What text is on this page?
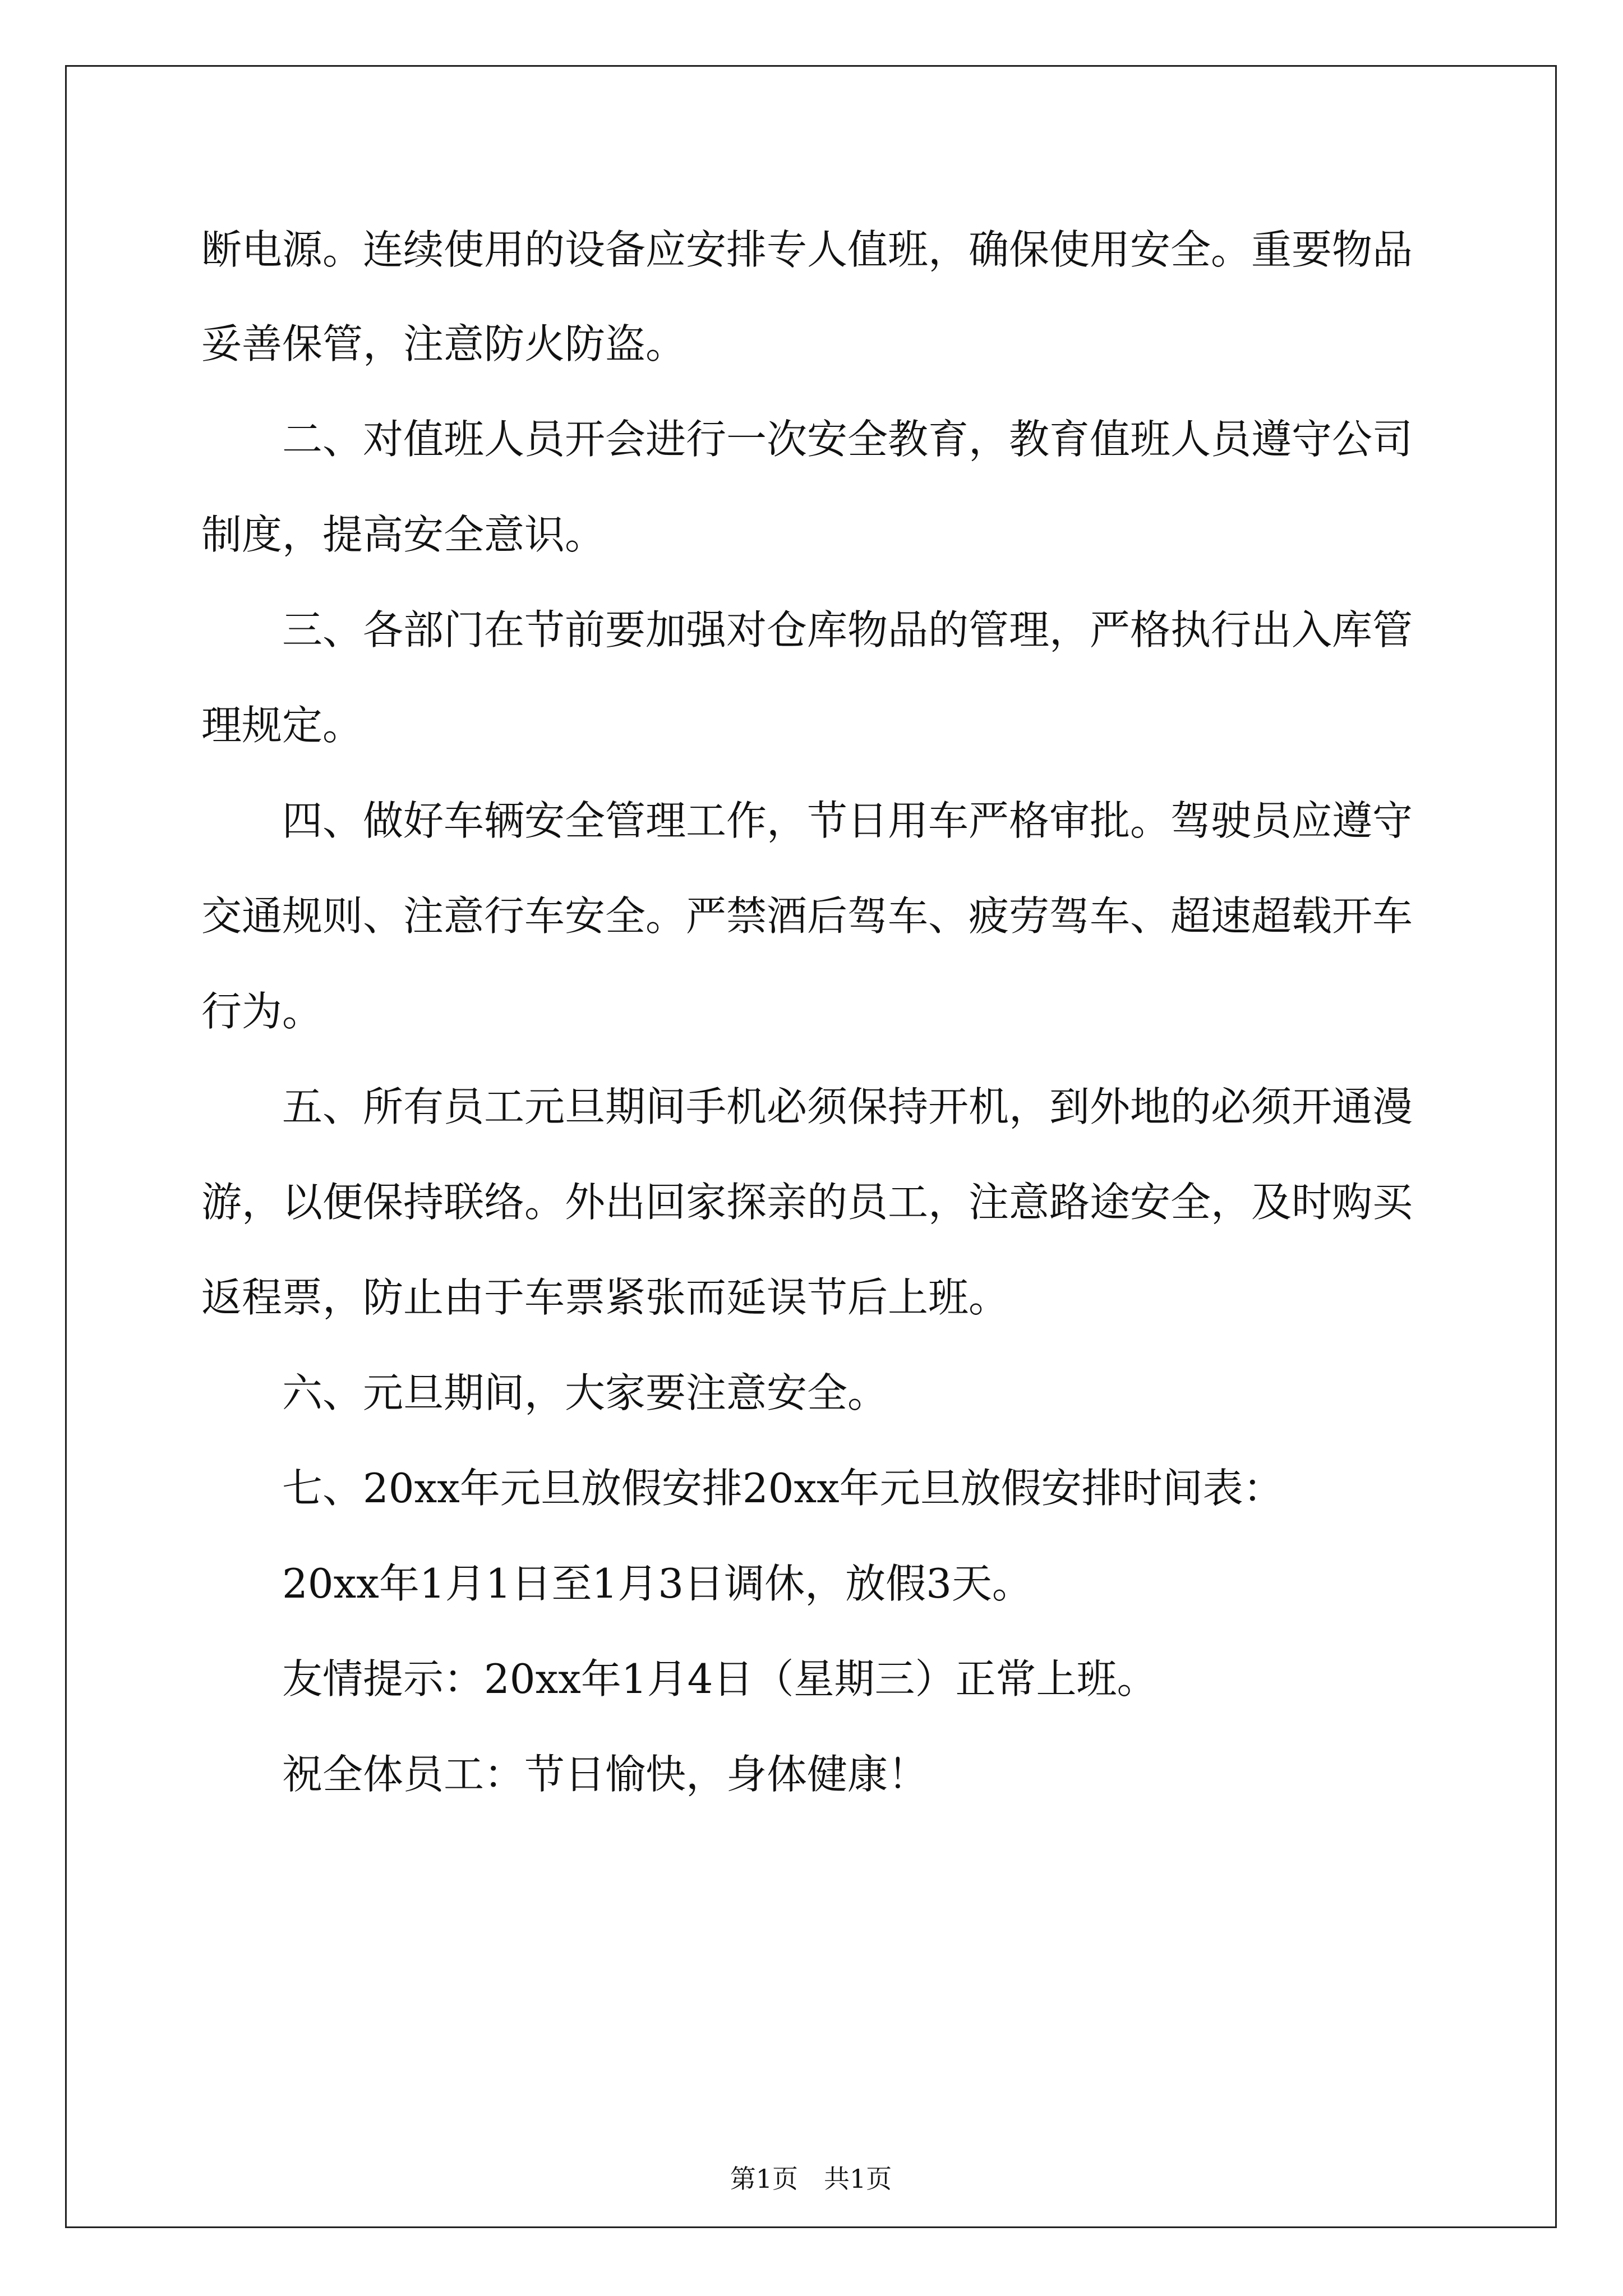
断电源。连续使用的设备应安排专人值班，确保使用安全。重要物品
妥善保管，注意防火防盗。
二、对值班人员开会进行一次安全教育，教育值班人员遵守公司
制度，提高安全意识。
三、各部门在节前要加强对仓库物品的管理，严格执行出入库管
理规定。
四、做好车辆安全管理工作，节日用车严格审批。驾驶员应遵守
交通规则、注意行车安全。严禁酒后驾车、疲劳驾车、超速超载开车
行为。
五、所有员工元旦期间手机必须保持开机，到外地的必须开通漫
游，以便保持联络。外出回家探亲的员工，注意路途安全，及时购买
返程票，防止由于车票紧张而延误节后上班。
六、元旦期间，大家要注意安全。
七、20xx年元旦放假安排20xx年元旦放假安排时间表：
20xx年1月1日至1月3日调休，放假3天。
友情提示：20xx年1月4日（星期三）正常上班。
祝全体员工：节日愉快，身体健康！
第1页　共1页
